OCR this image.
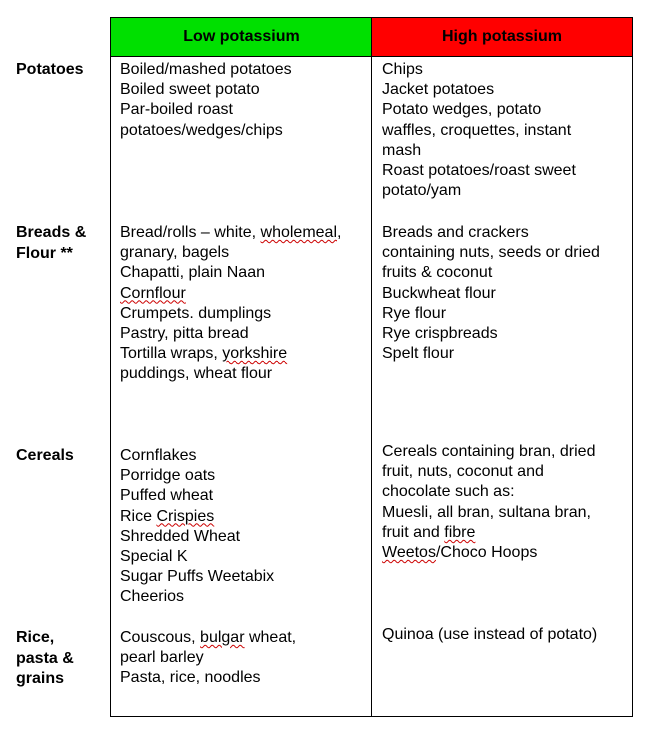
Low potassium	High potassium
Potatoes Boiled/mashed potatoes
Boiled sweet potato
Par-boiled roast
potatoes/wedges/chips
Chips
Jacket potatoes
Potato wedges, potato
waffles, croquettes, instant
mash
Roast potatoes/roast sweet
potato/yam
Breads &
Flour **
Bread/rolls – white, wholemeal,
granary, bagels
Chapatti, plain Naan
Cornflour
Crumpets. dumplings
Pastry, pitta bread
Tortilla wraps, yorkshire
puddings, wheat flour
Breads and crackers
containing nuts, seeds or dried
fruits & coconut
Buckwheat flour
Rye flour
Rye crispbreads
Spelt flour
Cereals	Cornflakes
Porridge oats
Puffed wheat
Rice Crispies
Shredded Wheat
Special K
Sugar Puffs Weetabix
Cheerios
Cereals containing bran, dried
fruit, nuts, coconut and
chocolate such as:
Muesli, all bran, sultana bran,
fruit and fibre
Weetos/Choco Hoops
Rice,
pasta &
grains
Couscous, bulgar wheat,
pearl barley
Pasta, rice, noodles
Quinoa (use instead of potato)
